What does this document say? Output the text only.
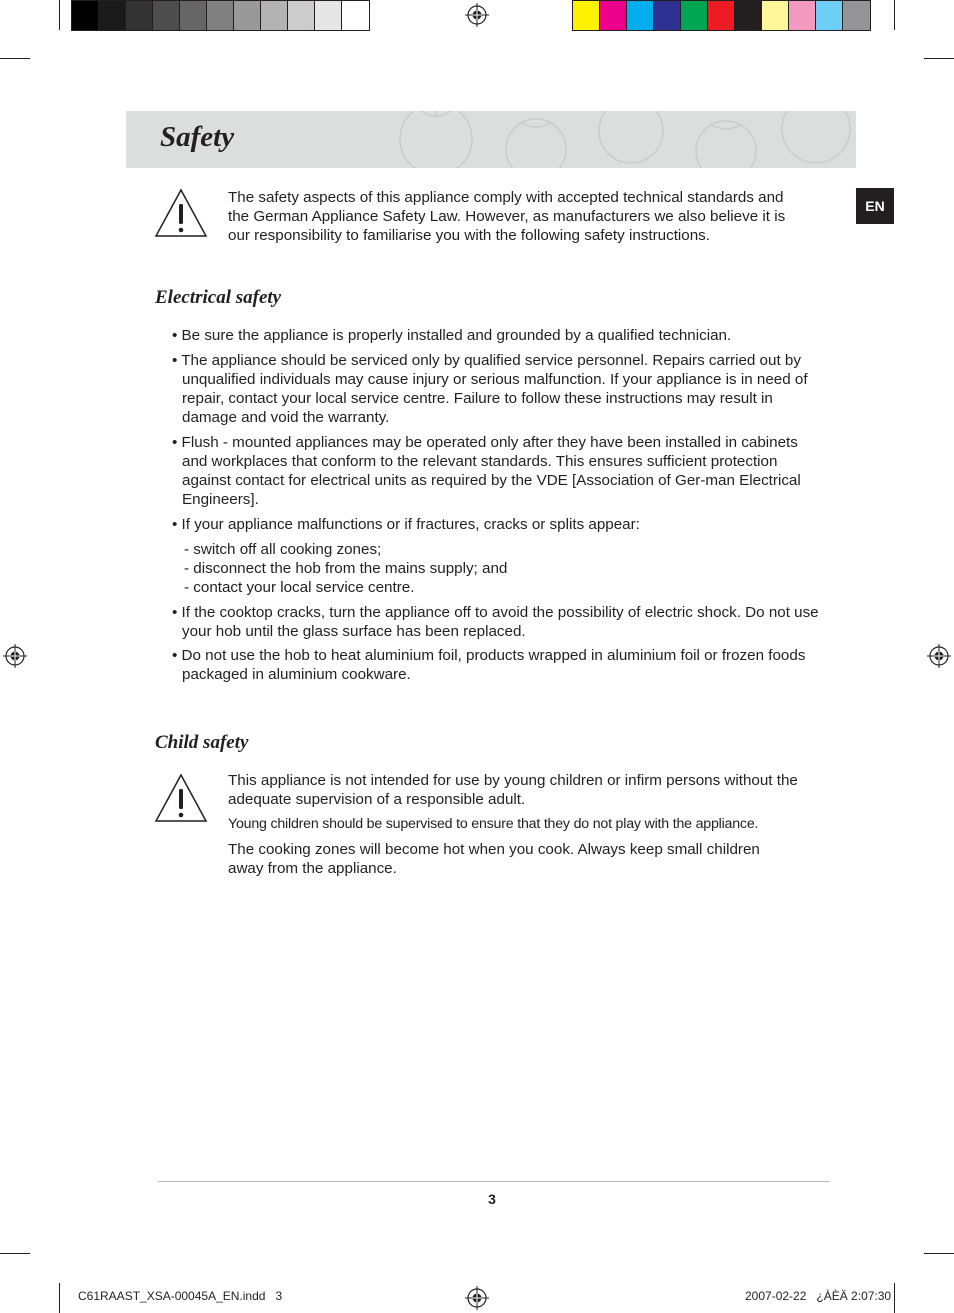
Safety
EN
The safety aspects of this appliance comply with accepted technical standards and
the German Appliance Safety Law. However, as manufacturers we also believe it is
our responsibility to familiarise you with the following safety instructions.
Electrical safety
• Be sure the appliance is properly installed and grounded by a qualified technician.
• The appliance should be serviced only by qualified service personnel. Repairs carried out by unqualified individuals may cause injury or serious malfunction. If your appliance is in need of repair, contact your local service centre. Failure to follow these instructions may result in damage and void the warranty.
• Flush - mounted appliances may be operated only after they have been installed in cabinets and workplaces that conform to the relevant standards. This ensures sufficient protection against contact for electrical units as required by the VDE [Association of Ger-man Electrical Engineers].
• If your appliance malfunctions or if fractures, cracks or splits appear:
- switch off all cooking zones;
- disconnect the hob from the mains supply; and
- contact your local service centre.
• If the cooktop cracks, turn the appliance off to avoid the possibility of electric shock. Do not use your hob until the glass surface has been replaced.
• Do not use the hob to heat aluminium foil, products wrapped in aluminium foil or frozen foods packaged in aluminium cookware.
Child safety
This appliance is not intended for use by young children or infirm persons without the adequate supervision of a responsible adult.
Young children should be supervised to ensure that they do not play with the appliance.
The cooking zones will become hot when you cook. Always keep small children away from the appliance.
3
C61RAAST_XSA-00045A_EN.indd   3	2007-02-22   ¿ÀÈÄ 2:07:30
